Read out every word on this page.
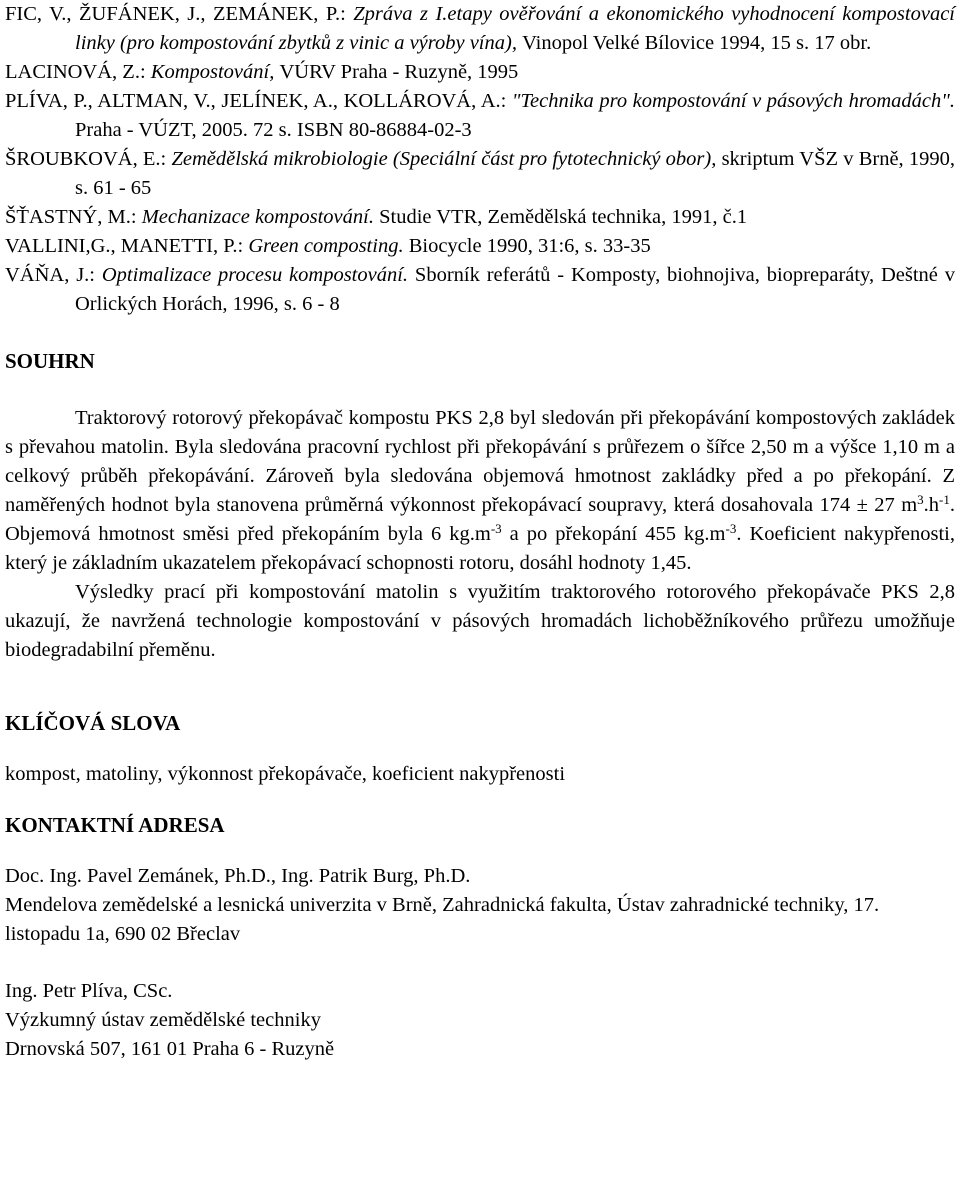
FIC, V., ŽUFÁNEK, J., ZEMÁNEK, P.: Zpráva z I.etapy ověřování a ekonomického vyhodnocení kompostovací linky (pro kompostování zbytků z vinic a výroby vína), Vinopol Velké Bílovice 1994, 15 s. 17 obr.
LACINOVÁ, Z.: Kompostování, VÚRV Praha - Ruzyně, 1995
PLÍVA, P., ALTMAN, V., JELÍNEK, A., KOLLÁROVÁ, A.: "Technika pro kompostování v pásových hromadách". Praha - VÚZT, 2005. 72 s. ISBN 80-86884-02-3
ŠROUBKOVÁ, E.: Zemědělská mikrobiologie (Speciální část pro fytotechnický obor), skriptum VŠZ v Brně, 1990, s. 61 - 65
ŠŤASTNÝ, M.: Mechanizace kompostování. Studie VTR, Zemědělská technika, 1991, č.1
VALLINI,G., MANETTI, P.: Green composting. Biocycle 1990, 31:6, s. 33-35
VÁŇA, J.: Optimalizace procesu kompostování. Sborník referátů - Komposty, biohnojiva, biopreparáty, Deštné v Orlických Horách, 1996, s. 6 - 8
SOUHRN
Traktorový rotorový překopávač kompostu PKS 2,8 byl sledován při překopávání kompostových zakládek s převahou matolin. Byla sledována pracovní rychlost při překopávání s průřezem o šířce 2,50 m a výšce 1,10 m a celkový průběh překopávání. Zároveň byla sledována objemová hmotnost zakládky před a po překopání. Z naměřených hodnot byla stanovena průměrná výkonnost překopávací soupravy, která dosahovala 174 ± 27 $m^3.h^{-1}$. Objemová hmotnost směsi před překopáním byla 6 $kg.m^{-3}$ a po překopání 455 $kg.m^{-3}$. Koeficient nakypřenosti, který je základním ukazatelem překopávací schopnosti rotoru, dosáhl hodnoty 1,45.
Výsledky prací při kompostování matolin s využitím traktorového rotorového překopávače PKS 2,8 ukazují, že navržená technologie kompostování v pásových hromadách lichoběžníkového průřezu umožňuje biodegradabilní přeměnu.
KLÍČOVÁ SLOVA
kompost, matoliny, výkonnost překopávače, koeficient nakypřenosti
KONTAKTNÍ ADRESA
Doc. Ing. Pavel Zemánek, Ph.D., Ing. Patrik Burg, Ph.D.
Mendelova zemědelské a lesnická univerzita v Brně, Zahradnická fakulta, Ústav zahradnické techniky, 17. listopadu 1a, 690 02 Břeclav
Ing. Petr Plíva, CSc.
Výzkumný ústav zemědělské techniky
Drnovská 507, 161 01 Praha 6 - Ruzyně
